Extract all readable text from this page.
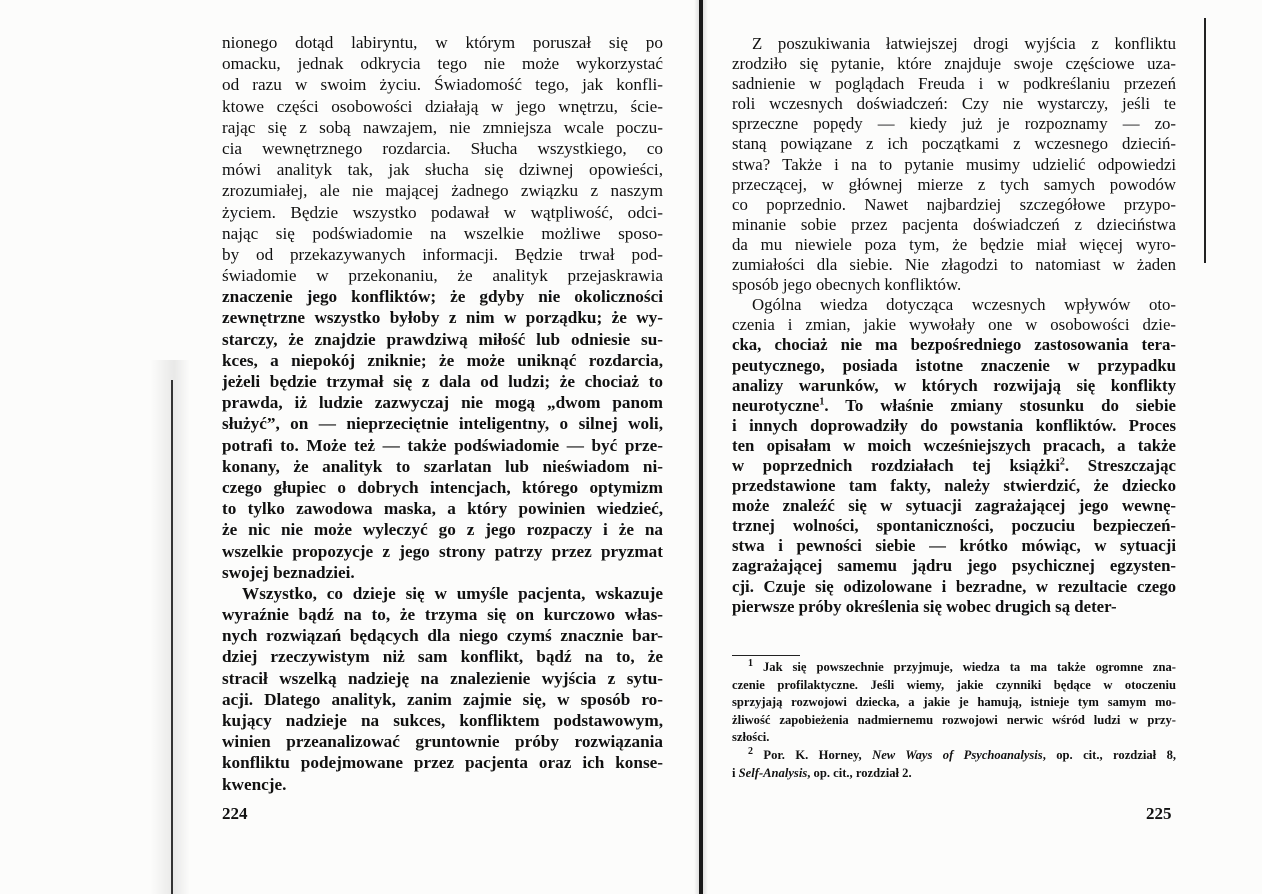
nionego dotąd labiryntu, w którym poruszał się po
omacku, jednak odkrycia tego nie może wykorzystać
od razu w swoim życiu. Świadomość tego, jak konfli-
ktowe części osobowości działają w jego wnętrzu, ście-
rając się z sobą nawzajem, nie zmniejsza wcale poczu-
cia wewnętrznego rozdarcia. Słucha wszystkiego, co
mówi analityk tak, jak słucha się dziwnej opowieści,
zrozumiałej, ale nie mającej żadnego związku z naszym
życiem. Będzie wszystko podawał w wątpliwość, odci-
nając się podświadomie na wszelkie możliwe sposo-
by od przekazywanych informacji. Będzie trwał pod-
świadomie w przekonaniu, że analityk przejaskrawia
znaczenie jego konfliktów; że gdyby nie okoliczności
zewnętrzne wszystko byłoby z nim w porządku; że wy-
starczy, że znajdzie prawdziwą miłość lub odniesie su-
kces, a niepokój zniknie; że może uniknąć rozdarcia,
jeżeli będzie trzymał się z dala od ludzi; że chociaż to
prawda, iż ludzie zazwyczaj nie mogą „dwom panom
służyć”, on — nieprzeciętnie inteligentny, o silnej woli,
potrafi to. Może też — także podświadomie — być prze-
konany, że analityk to szarlatan lub nieświadom ni-
czego głupiec o dobrych intencjach, którego optymizm
to tylko zawodowa maska, a który powinien wiedzieć,
że nic nie może wyleczyć go z jego rozpaczy i że na
wszelkie propozycje z jego strony patrzy przez pryzmat
swojej beznadziei.
Wszystko, co dzieje się w umyśle pacjenta, wskazuje
wyraźnie bądź na to, że trzyma się on kurczowo włas-
nych rozwiązań będących dla niego czymś znacznie bar-
dziej rzeczywistym niż sam konflikt, bądź na to, że
stracił wszelką nadzieję na znalezienie wyjścia z sytu-
acji. Dlatego analityk, zanim zajmie się, w sposób ro-
kujący nadzieje na sukces, konfliktem podstawowym,
winien przeanalizować gruntownie próby rozwiązania
konfliktu podejmowane przez pacjenta oraz ich konse-
kwencje.
Z poszukiwania łatwiejszej drogi wyjścia z konfliktu
zrodziło się pytanie, które znajduje swoje częściowe uza-
sadnienie w poglądach Freuda i w podkreślaniu przezeń
roli wczesnych doświadczeń: Czy nie wystarczy, jeśli te
sprzeczne popędy — kiedy już je rozpoznamy — zo-
staną powiązane z ich początkami z wczesnego dzieciń-
stwa? Także i na to pytanie musimy udzielić odpowiedzi
przeczącej, w głównej mierze z tych samych powodów
co poprzednio. Nawet najbardziej szczegółowe przypo-
minanie sobie przez pacjenta doświadczeń z dzieciństwa
da mu niewiele poza tym, że będzie miał więcej wyro-
zumiałości dla siebie. Nie złagodzi to natomiast w żaden
sposób jego obecnych konfliktów.
Ogólna wiedza dotycząca wczesnych wpływów oto-
czenia i zmian, jakie wywołały one w osobowości dzie-
cka, chociaż nie ma bezpośredniego zastosowania tera-
peutycznego, posiada istotne znaczenie w przypadku
analizy warunków, w których rozwijają się konflikty
neurotyczne$^1$. To właśnie zmiany stosunku do siebie
i innych doprowadziły do powstania konfliktów. Proces
ten opisałam w moich wcześniejszych pracach, a także
w poprzednich rozdziałach tej książki$^2$. Streszczając
przedstawione tam fakty, należy stwierdzić, że dziecko
może znaleźć się w sytuacji zagrażającej jego wewnę-
trznej wolności, spontaniczności, poczuciu bezpieczeń-
stwa i pewności siebie — krótko mówiąc, w sytuacji
zagrażającej samemu jądru jego psychicznej egzysten-
cji. Czuje się odizolowane i bezradne, w rezultacie czego
pierwsze próby określenia się wobec drugich są deter-
$^1$ Jak się powszechnie przyjmuje, wiedza ta ma także ogromne zna-
czenie profilaktyczne. Jeśli wiemy, jakie czynniki będące w otoczeniu
sprzyjają rozwojowi dziecka, a jakie je hamują, istnieje tym samym mo-
żliwość zapobieżenia nadmiernemu rozwojowi nerwic wśród ludzi w przy-
szłości.
$^2$ Por. K. Horney, New Ways of Psychoanalysis, op. cit., rozdział 8,
i Self-Analysis, op. cit., rozdział 2.
224	225
